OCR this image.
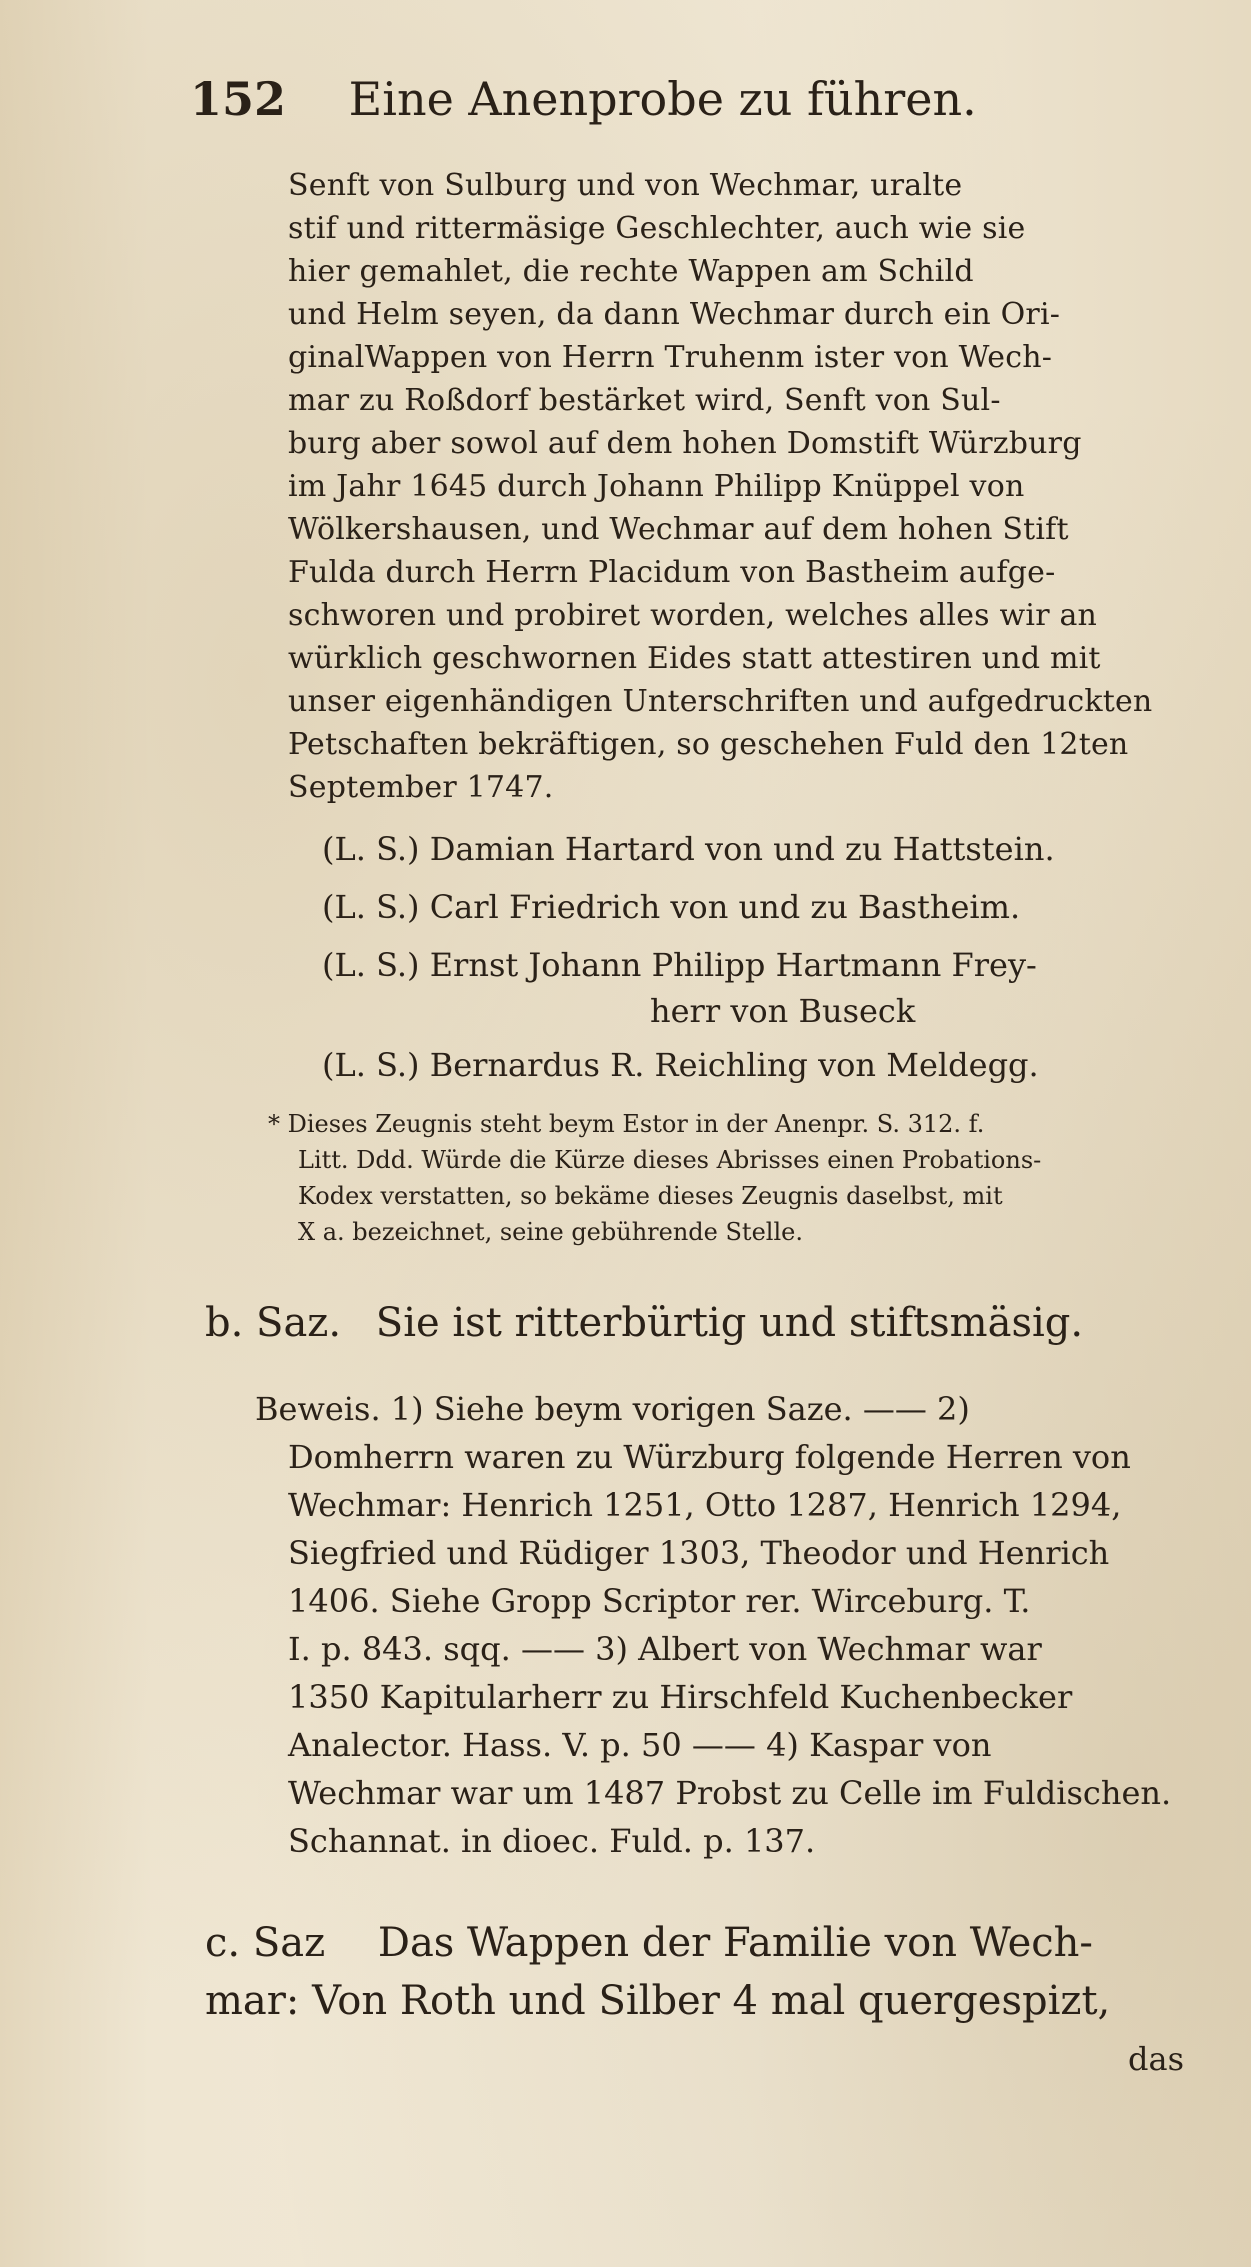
152 Eine Anenprobe zu führen.
Senft von Sulburg und von Wechmar, uralte
stif und rittermäsige Geschlechter, auch wie sie
hier gemahlet, die rechte Wappen am Schild
und Helm seyen, da dann Wechmar durch ein Ori-
ginalWappen von Herrn Truhenm ister von Wech-
mar zu Roßdorf bestärket wird, Senft von Sul-
burg aber sowol auf dem hohen Domstift Würzburg
im Jahr 1645 durch Johann Philipp Knüppel von
Wölkershausen, und Wechmar auf dem hohen Stift
Fulda durch Herrn Placidum von Bastheim aufge-
schworen und probiret worden, welches alles wir an
würklich geschwornen Eides statt attestiren und mit
unser eigenhändigen Unterschriften und aufgedruckten
Petschaften bekräftigen, so geschehen Fuld den 12ten
September 1747.
(L. S.) Damian Hartard von und zu Hattstein.
(L. S.) Carl Friedrich von und zu Bastheim.
(L. S.) Ernst Johann Philipp Hartmann Frey-
herr von Buseck
(L. S.) Bernardus R. Reichling von Meldegg.
* Dieses Zeugnis steht beym Estor in der Anenpr. S. 312. f.
Litt. Ddd. Würde die Kürze dieses Abrisses einen Probations-
Kodex verstatten, so bekäme dieses Zeugnis daselbst, mit
X a. bezeichnet, seine gebührende Stelle.
b. Saz. Sie ist ritterbürtig und stiftsmäsig.
Beweis. 1) Siehe beym vorigen Saze. —— 2)
Domherrn waren zu Würzburg folgende Herren von
Wechmar: Henrich 1251, Otto 1287, Henrich 1294,
Siegfried und Rüdiger 1303, Theodor und Henrich
1406. Siehe Gropp Scriptor rer. Wirceburg. T.
I. p. 843. sqq. —— 3) Albert von Wechmar war
1350 Kapitularherr zu Hirschfeld Kuchenbecker
Analector. Hass. V. p. 50 —— 4) Kaspar von
Wechmar war um 1487 Probst zu Celle im Fuldischen.
Schannat. in dioec. Fuld. p. 137.
c. Saz Das Wappen der Familie von Wech-
mar: Von Roth und Silber 4 mal quergespizt,
das
